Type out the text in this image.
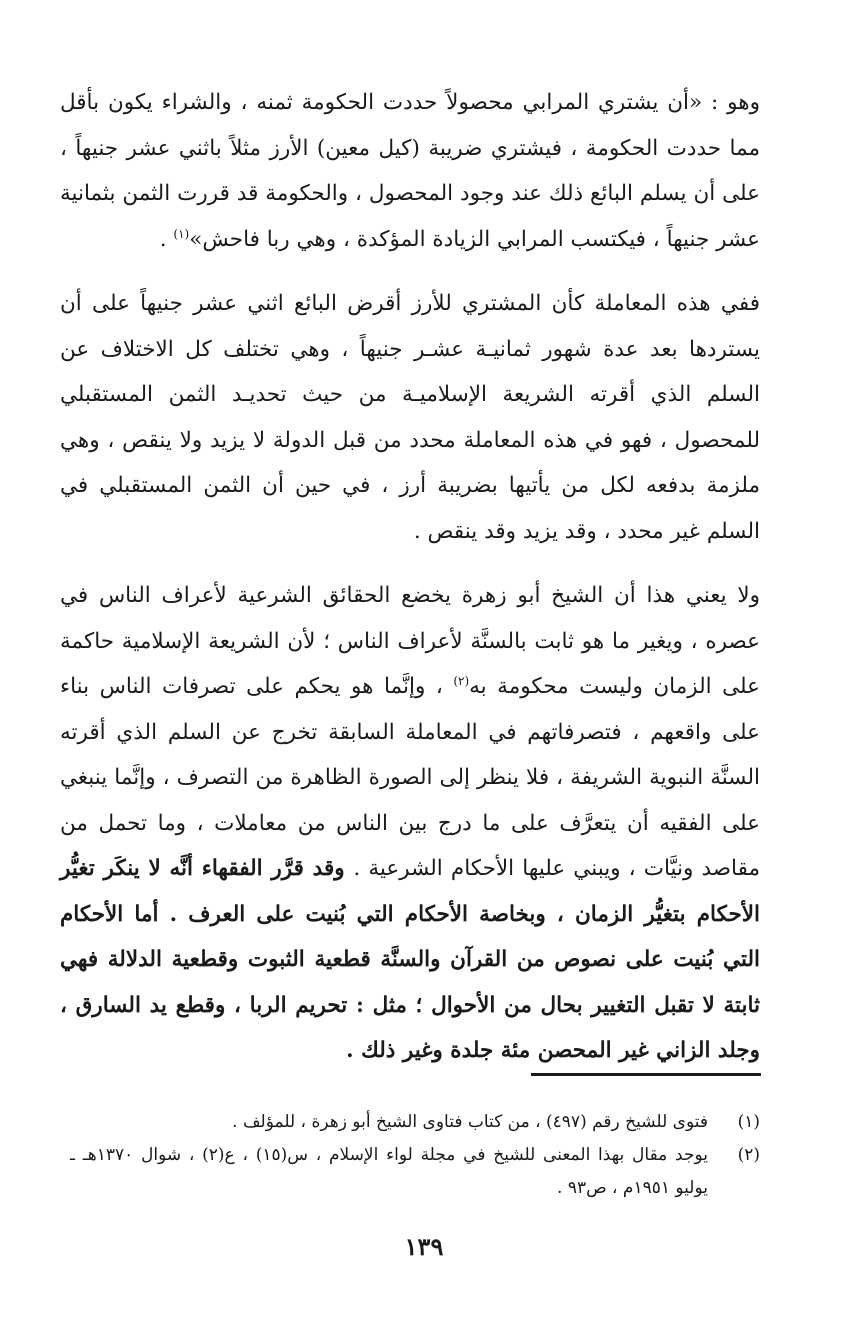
وهو : «أن يشتري المرابي محصولاً حددت الحكومة ثمنه ، والشراء يكون بأقل مما حددت الحكومة ، فيشتري ضريبة (كيل معين) الأرز مثلاً باثني عشر جنيهاً ، على أن يسلم البائع ذلك عند وجود المحصول ، والحكومة قد قررت الثمن بثمانية عشر جنيهاً ، فيكتسب المرابي الزيادة المؤكدة ، وهي ربا فاحش»$^{(١)}$ .

ففي هذه المعاملة كأن المشتري للأرز أقرض البائع اثني عشر جنيهاً على أن يستردها بعد عدة شهور ثمانيـة عشـر جنيهاً ، وهي تختلف كل الاختلاف عن السلم الذي أقرته الشريعة الإسلاميـة من حيث تحديـد الثمن المستقبلي للمحصول ، فهو في هذه المعاملة محدد من قبل الدولة لا يزيد ولا ينقص ، وهي ملزمة بدفعه لكل من يأتيها بضريبة أرز ، في حين أن الثمن المستقبلي في السلم غير محدد ، وقد يزيد وقد ينقص .

ولا يعني هذا أن الشيخ أبو زهرة يخضع الحقائق الشرعية لأعراف الناس في عصره ، ويغير ما هو ثابت بالسنَّة لأعراف الناس ؛ لأن الشريعة الإسلامية حاكمة على الزمان وليست محكومة به$^{(٢)}$ ، وإنَّما هو يحكم على تصرفات الناس بناء على واقعهم ، فتصرفاتهم في المعاملة السابقة تخرج عن السلم الذي أقرته السنَّة النبوية الشريفة ، فلا ينظر إلى الصورة الظاهرة من التصرف ، وإنَّما ينبغي على الفقيه أن يتعرَّف على ما درج بين الناس من معاملات ، وما تحمل من مقاصد ونيَّات ، ويبني عليها الأحكام الشرعية . وقد قرَّر الفقهاء أنَّه لا ينكَر تغيُّر الأحكام بتغيُّر الزمان ، وبخاصة الأحكام التي بُنيت على العرف . أما الأحكام التي بُنيت على نصوص من القرآن والسنَّة قطعية الثبوت وقطعية الدلالة فهي ثابتة لا تقبل التغيير بحال من الأحوال ؛ مثل : تحريم الربا ، وقطع يد السارق ، وجلد الزاني غير المحصن مئة جلدة وغير ذلك .

(١)
فتوى للشيخ رقم (٤٩٧) ، من كتاب فتاوى الشيخ أبو زهرة ، للمؤلف .
(٢)
يوجد مقال بهذا المعنى للشيخ في مجلة لواء الإسلام ، س(١٥) ، ع(٢) ، شوال ١٣٧٠هـ ـ يوليو ١٩٥١م ، ص٩٣ .
١٣٩
